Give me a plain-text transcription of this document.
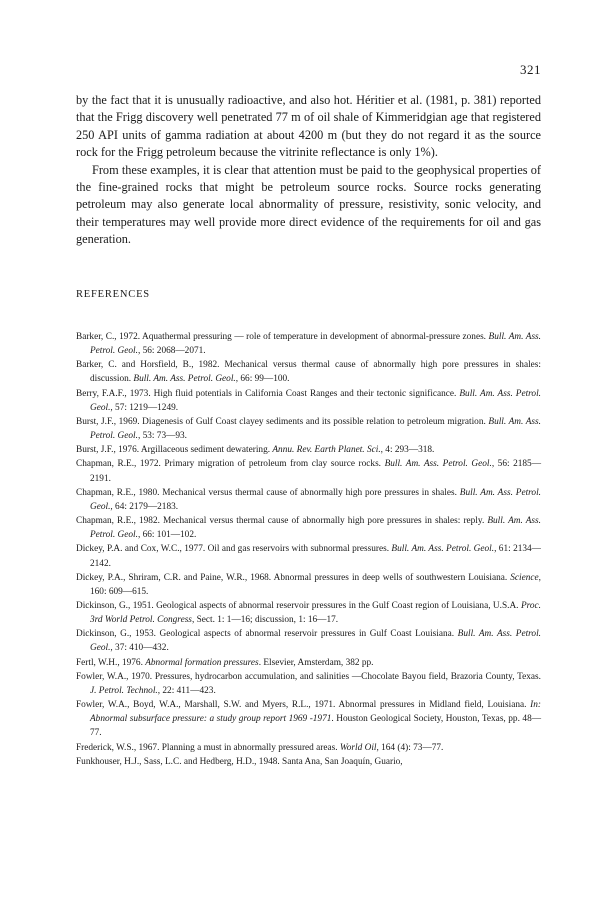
321

by the fact that it is unusually radioactive, and also hot. Héritier et al. (1981, p. 381) reported that the Frigg discovery well penetrated 77 m of oil shale of Kimmeridgian age that registered 250 API units of gamma radiation at about 4200 m (but they do not regard it as the source rock for the Frigg petroleum because the vitrinite reflectance is only 1%).

From these examples, it is clear that attention must be paid to the geophysical properties of the fine-grained rocks that might be petroleum source rocks. Source rocks generating petroleum may also generate local abnormality of pressure, resistivity, sonic velocity, and their temperatures may well provide more direct evidence of the requirements for oil and gas generation.

REFERENCES
Barker, C., 1972. Aquathermal pressuring — role of temperature in development of abnormal-pressure zones. Bull. Am. Ass. Petrol. Geol., 56: 2068—2071.
Barker, C. and Horsfield, B., 1982. Mechanical versus thermal cause of abnormally high pore pressures in shales: discussion. Bull. Am. Ass. Petrol. Geol., 66: 99—100.
Berry, F.A.F., 1973. High fluid potentials in California Coast Ranges and their tectonic significance. Bull. Am. Ass. Petrol. Geol., 57: 1219—1249.
Burst, J.F., 1969. Diagenesis of Gulf Coast clayey sediments and its possible relation to petroleum migration. Bull. Am. Ass. Petrol. Geol., 53: 73—93.
Burst, J.F., 1976. Argillaceous sediment dewatering. Annu. Rev. Earth Planet. Sci., 4: 293—318.
Chapman, R.E., 1972. Primary migration of petroleum from clay source rocks. Bull. Am. Ass. Petrol. Geol., 56: 2185—2191.
Chapman, R.E., 1980. Mechanical versus thermal cause of abnormally high pore pressures in shales. Bull. Am. Ass. Petrol. Geol., 64: 2179—2183.
Chapman, R.E., 1982. Mechanical versus thermal cause of abnormally high pore pressures in shales: reply. Bull. Am. Ass. Petrol. Geol., 66: 101—102.
Dickey, P.A. and Cox, W.C., 1977. Oil and gas reservoirs with subnormal pressures. Bull. Am. Ass. Petrol. Geol., 61: 2134—2142.
Dickey, P.A., Shriram, C.R. and Paine, W.R., 1968. Abnormal pressures in deep wells of southwestern Louisiana. Science, 160: 609—615.
Dickinson, G., 1951. Geological aspects of abnormal reservoir pressures in the Gulf Coast region of Louisiana, U.S.A. Proc. 3rd World Petrol. Congress, Sect. 1: 1—16; discussion, 1: 16—17.
Dickinson, G., 1953. Geological aspects of abnormal reservoir pressures in Gulf Coast Louisiana. Bull. Am. Ass. Petrol. Geol., 37: 410—432.
Fertl, W.H., 1976. Abnormal formation pressures. Elsevier, Amsterdam, 382 pp.
Fowler, W.A., 1970. Pressures, hydrocarbon accumulation, and salinities —Chocolate Bayou field, Brazoria County, Texas. J. Petrol. Technol., 22: 411—423.
Fowler, W.A., Boyd, W.A., Marshall, S.W. and Myers, R.L., 1971. Abnormal pressures in Midland field, Louisiana. In: Abnormal subsurface pressure: a study group report 1969 -1971. Houston Geological Society, Houston, Texas, pp. 48—77.
Frederick, W.S., 1967. Planning a must in abnormally pressured areas. World Oil, 164 (4): 73—77.
Funkhouser, H.J., Sass, L.C. and Hedberg, H.D., 1948. Santa Ana, San Joaquín, Guario,
